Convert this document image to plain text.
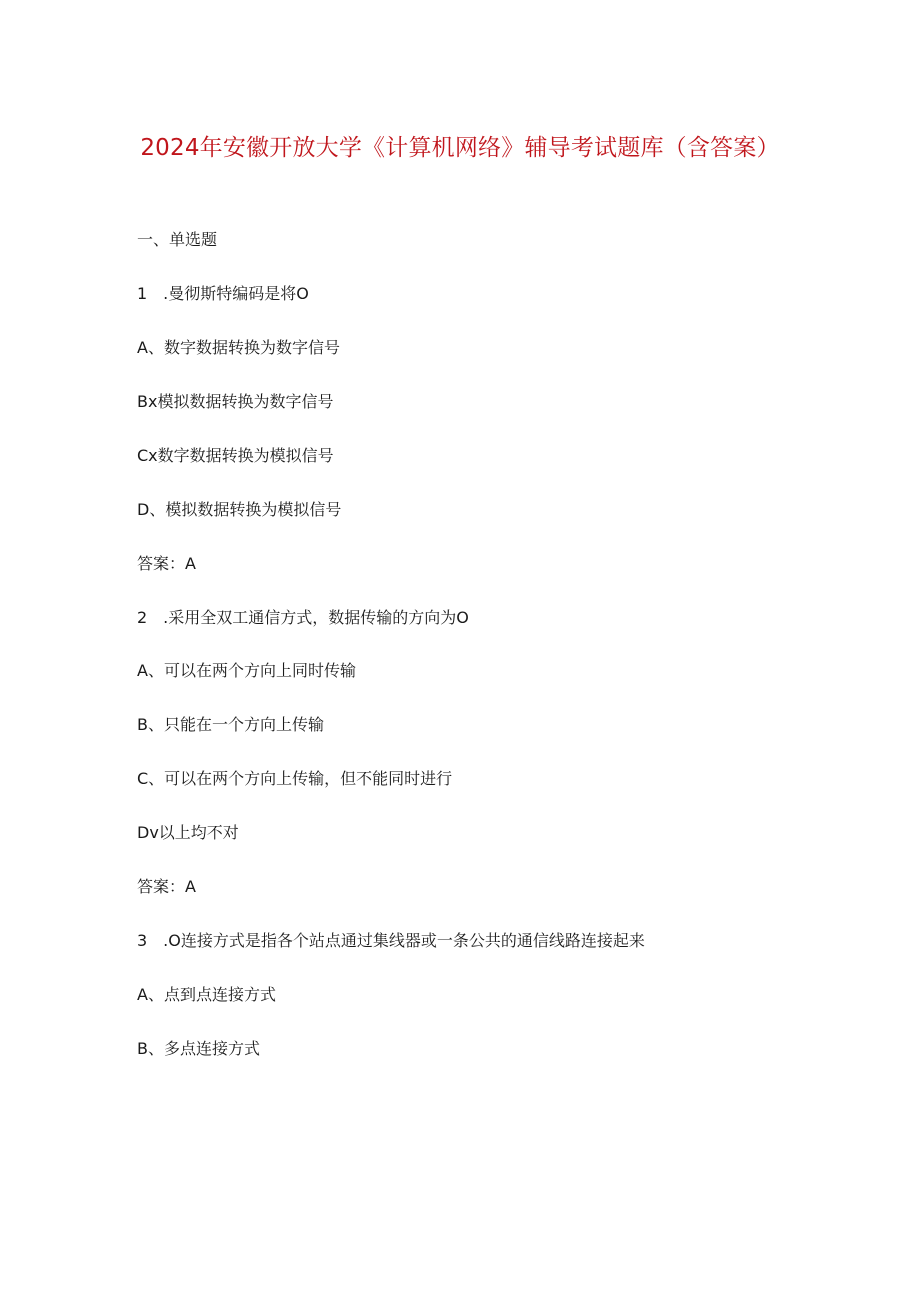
2024年安徽开放大学《计算机网络》辅导考试题库（含答案）
一、单选题
1　.曼彻斯特编码是将O
A、数字数据转换为数字信号
Bx模拟数据转换为数字信号
Cx数字数据转换为模拟信号
D、模拟数据转换为模拟信号
答案：A
2　.采用全双工通信方式，数据传输的方向为O
A、可以在两个方向上同时传输
B、只能在一个方向上传输
C、可以在两个方向上传输，但不能同时进行
Dv以上均不对
答案：A
3　.O连接方式是指各个站点通过集线器或一条公共的通信线路连接起来
A、点到点连接方式
B、多点连接方式
